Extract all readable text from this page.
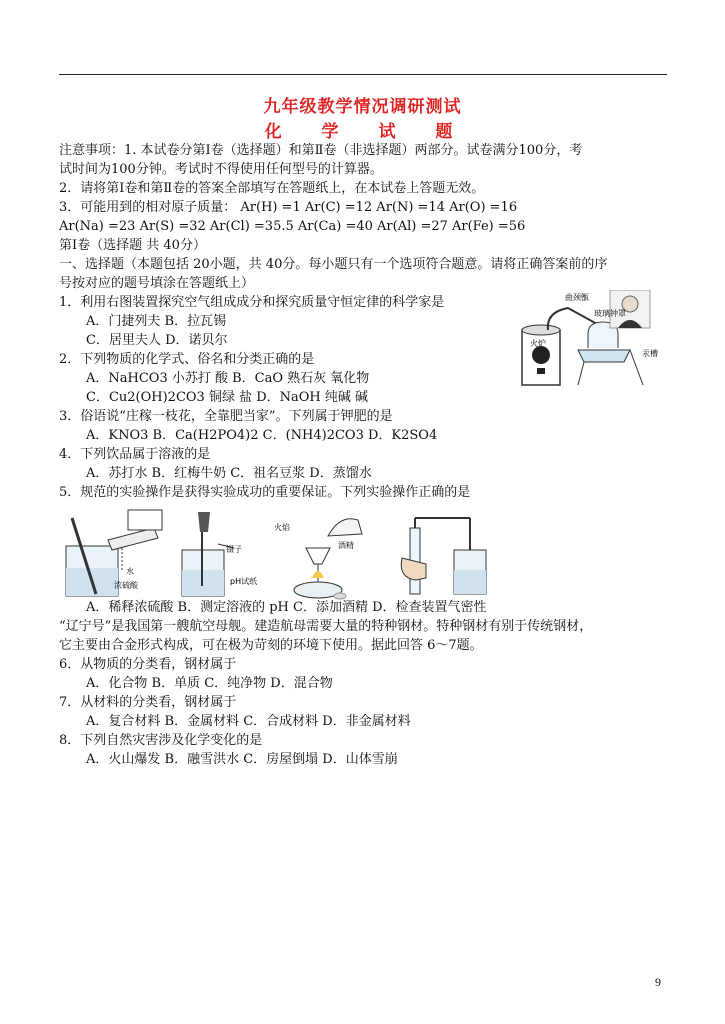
九年级教学情况调研测试
化 学 试 题
注意事项：1. 本试卷分第Ⅰ卷（选择题）和第Ⅱ卷（非选择题）两部分。试卷满分100分，考
试时间为100分钟。考试时不得使用任何型号的计算器。
2．请将第Ⅰ卷和第Ⅱ卷的答案全部填写在答题纸上，在本试卷上答题无效。
3．可能用到的相对原子质量： Ar(H) =1 Ar(C) =12 Ar(N) =14 Ar(O) =16
Ar(Na) =23 Ar(S) =32 Ar(Cl) =35.5 Ar(Ca) =40 Ar(Al) =27 Ar(Fe) =56
第Ⅰ卷（选择题 共 40分）
一、选择题（本题包括 20小题，共 40分。每小题只有一个选项符合题意。请将正确答案前的序
号按对应的题号填涂在答题纸上）
1．利用右图装置探究空气组成成分和探究质量守恒定律的科学家是
A．门捷列夫 B．拉瓦锡
C．居里夫人 D．诺贝尔
曲颈甑
玻璃钟罩
汞槽
火炉
2．下列物质的化学式、俗名和分类正确的是
A．NaHCO3 小苏打 酸 B．CaO 熟石灰 氧化物
C．Cu2(OH)2CO3 铜绿 盐 D．NaOH 纯碱 碱
3．俗语说“庄稼一枝花，全靠肥当家”。下列属于钾肥的是
A．KNO3 B．Ca(H2PO4)2 C．(NH4)2CO3 D．K2SO4
4．下列饮品属于溶液的是
A．苏打水 B．红梅牛奶 C．祖名豆浆 D．蒸馏水
5．规范的实验操作是获得实验成功的重要保证。下列实验操作正确的是
水
浓硫酸
镊子
pH试纸
火焰
酒精
A．稀释浓硫酸 B．测定溶液的 pH C．添加酒精 D．检查装置气密性
“辽宁号”是我国第一艘航空母舰。建造航母需要大量的特种钢材。特种钢材有别于传统钢材，
它主要由合金形式构成，可在极为苛刻的环境下使用。据此回答 6～7题。
6．从物质的分类看，钢材属于
A．化合物 B．单质 C．纯净物 D．混合物
7．从材料的分类看，钢材属于
A．复合材料 B．金属材料 C．合成材料 D．非金属材料
8．下列自然灾害涉及化学变化的是
A．火山爆发 B．融雪洪水 C．房屋倒塌 D．山体雪崩
9
